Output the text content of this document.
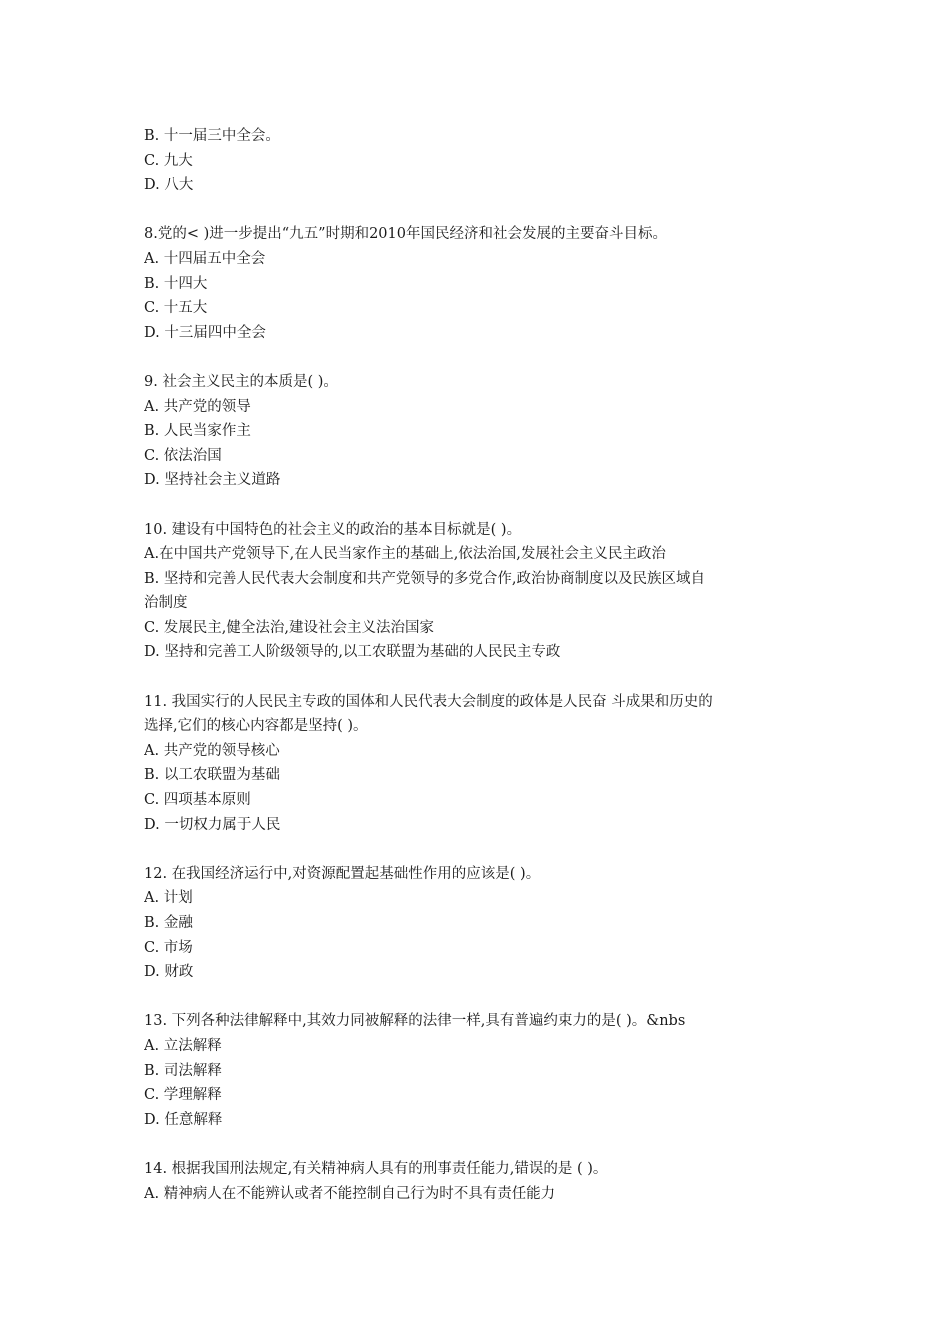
B. 十一届三中全会。
C. 九大
D. 八大
8.党的< )进一步提出“九五”时期和2010年国民经济和社会发展的主要奋斗目标。
A. 十四届五中全会
B. 十四大
C. 十五大
D. 十三届四中全会
9. 社会主义民主的本质是( )。
A. 共产党的领导
B. 人民当家作主
C. 依法治国
D. 坚持社会主义道路
10. 建设有中国特色的社会主义的政治的基本目标就是( )。
A.在中国共产党领导下,在人民当家作主的基础上,依法治国,发展社会主义民主政治
B. 坚持和完善人民代表大会制度和共产党领导的多党合作,政治协商制度以及民族区域自
治制度
C. 发展民主,健全法治,建设社会主义法治国家
D. 坚持和完善工人阶级领导的,以工农联盟为基础的人民民主专政
11. 我国实行的人民民主专政的国体和人民代表大会制度的政体是人民奋 斗成果和历史的
选择,它们的核心内容都是坚持( )。
A. 共产党的领导核心
B. 以工农联盟为基础
C. 四项基本原则
D. 一切权力属于人民
12. 在我国经济运行中,对资源配置起基础性作用的应该是( )。
A. 计划
B. 金融
C. 市场
D. 财政
13. 下列各种法律解释中,其效力同被解释的法律一样,具有普遍约束力的是( )。&nbs
A. 立法解释
B. 司法解释
C. 学理解释
D. 任意解释
14. 根据我国刑法规定,有关精神病人具有的刑事责任能力,错误的是 ( )。
A. 精神病人在不能辨认或者不能控制自己行为时不具有责任能力
